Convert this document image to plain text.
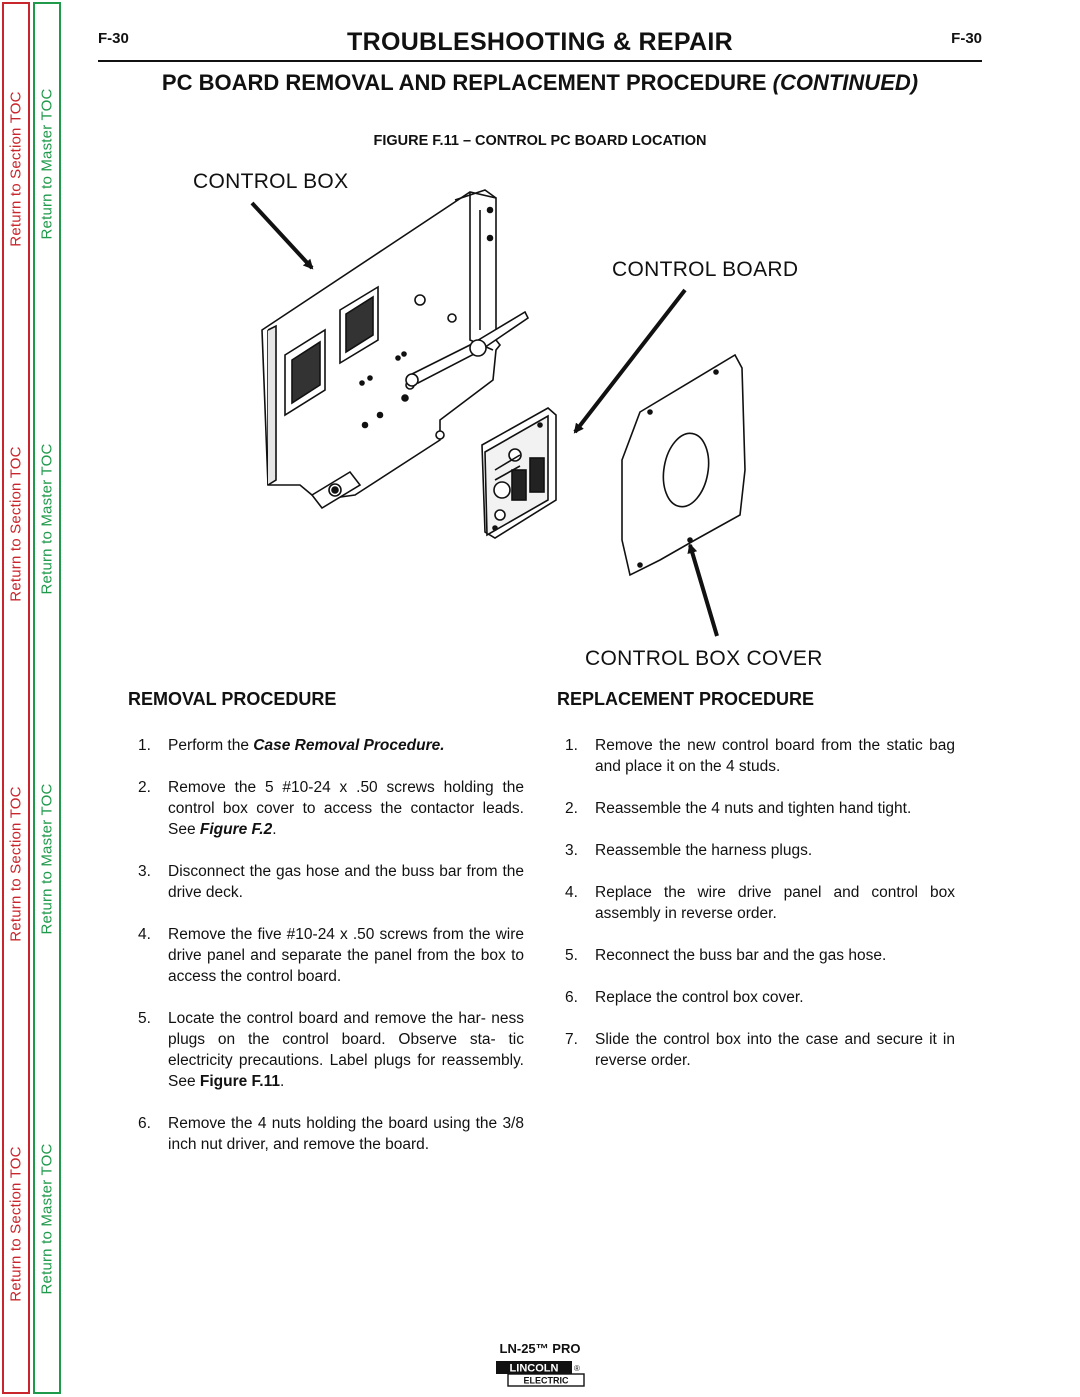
Return to Section TOC
Return to Section TOC
Return to Section TOC
Return to Section TOC
Return to Master TOC
Return to Master TOC
Return to Master TOC
Return to Master TOC
F-30	F-30
TROUBLESHOOTING & REPAIR
PC BOARD REMOVAL AND REPLACEMENT PROCEDURE (CONTINUED)
FIGURE F.11 – CONTROL PC BOARD LOCATION
CONTROL BOX
CONTROL BOARD
CONTROL BOX COVER
REMOVAL PROCEDURE
1. Perform the Case Removal Procedure.
2. Remove the 5 #10-24 x .50 screws holding the control box cover to access the contactor leads. See Figure F.2.
3. Disconnect the gas hose and the buss bar from the drive deck.
4. Remove the five #10-24 x .50 screws from the wire drive panel and separate the panel from the box to access the control board.
5. Locate the control board and remove the har- ness plugs on the control board. Observe sta- tic electricity precautions. Label plugs for reassembly. See Figure F.11.
6. Remove the 4 nuts holding the board using the 3/8 inch nut driver, and remove the board.
REPLACEMENT PROCEDURE
1. Remove the new control board from the static bag and place it on the 4 studs.
2. Reassemble the 4 nuts and tighten hand tight.
3. Reassemble the harness plugs.
4. Replace the wire drive panel and control box assembly in reverse order.
5. Reconnect the buss bar and the gas hose.
6. Replace the control box cover.
7. Slide the control box into the case and secure it in reverse order.
LN-25™ PRO
LINCOLN ®
ELECTRIC
